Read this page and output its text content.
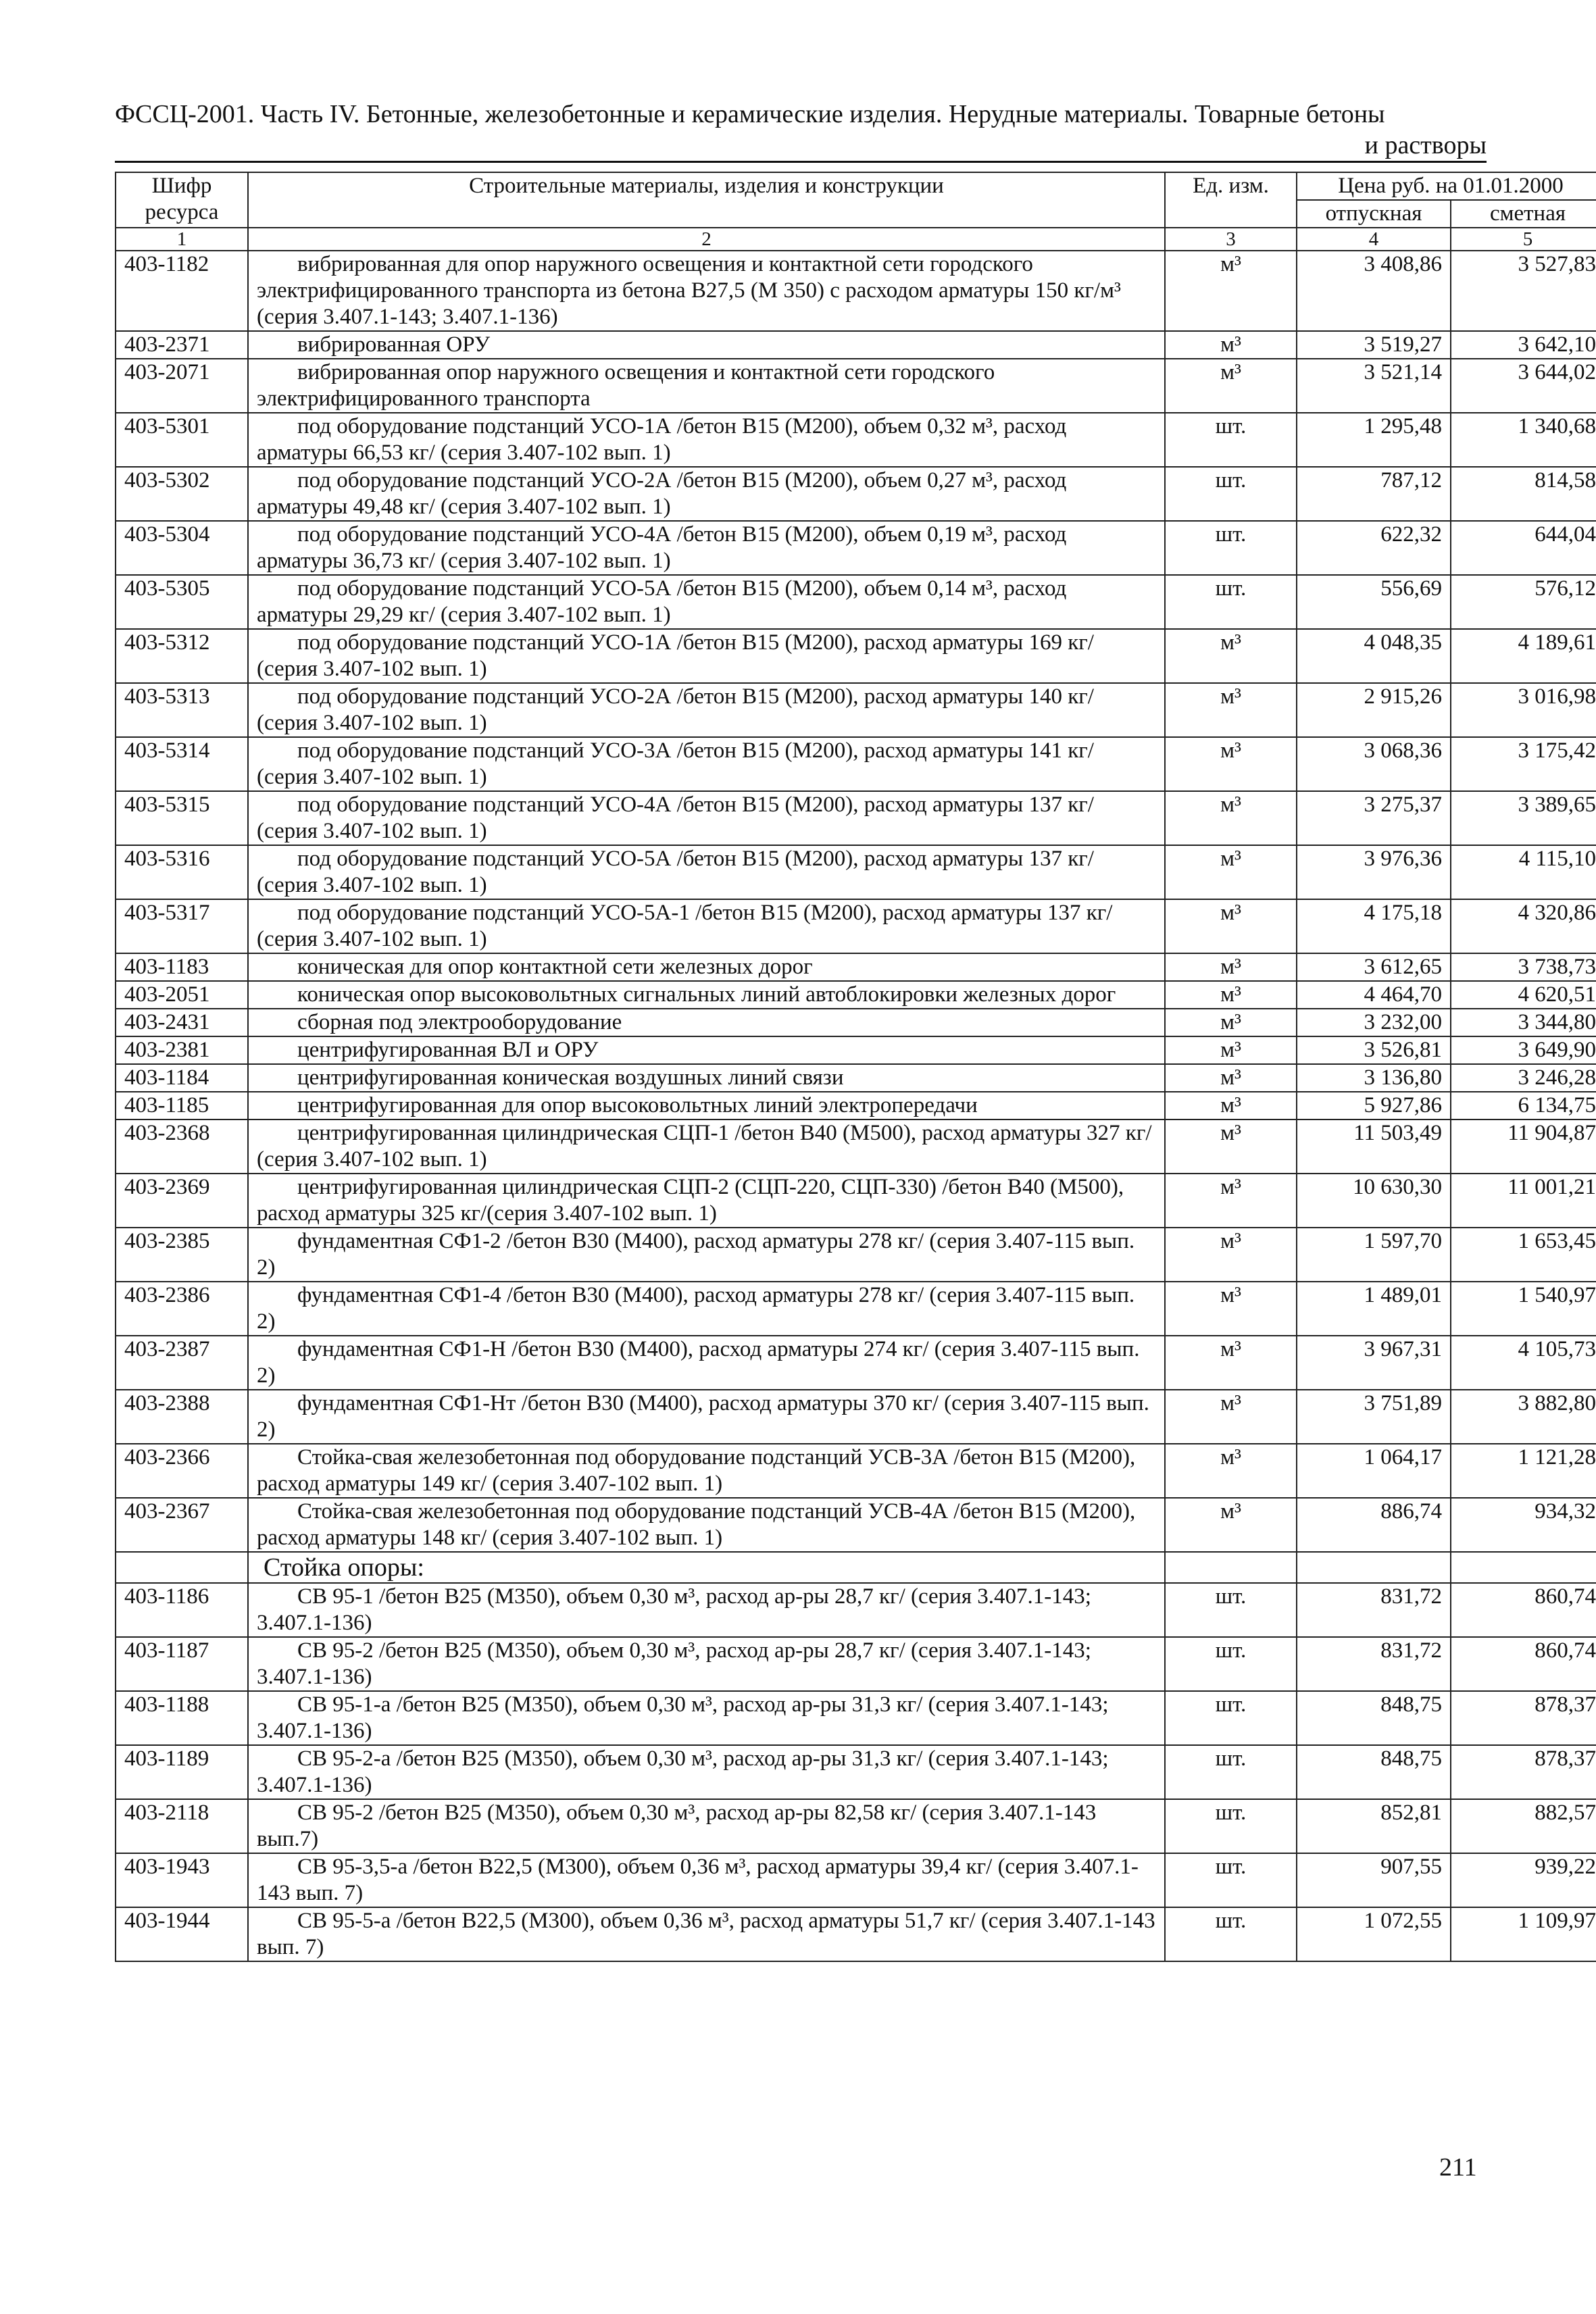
ФССЦ-2001. Часть IV. Бетонные, железобетонные и керамические изделия. Нерудные материалы. Товарные бетоны
и растворы
Шифр ресурса	Строительные материалы, изделия и конструкции	Ед. изм.	Цена руб. на 01.01.2000	
			отпускная	сметная
1	2	3	4	5
403-1182	вибрированная для опор наружного освещения и контактной сети городского электрифицированного транспорта из бетона В27,5 (М 350) с расходом арматуры 150 кг/м³ (серия 3.407.1-143; 3.407.1-136)	м³	3 408,86	3 527,83
403-2371	вибрированная ОРУ	м³	3 519,27	3 642,10
403-2071	вибрированная опор наружного освещения и контактной сети городского электрифицированного транспорта	м³	3 521,14	3 644,02
403-5301	под оборудование подстанций УСО-1А /бетон В15 (М200), объем 0,32 м³, расход арматуры 66,53 кг/ (серия 3.407-102 вып. 1)	шт.	1 295,48	1 340,68
403-5302	под оборудование подстанций УСО-2А /бетон В15 (М200), объем 0,27 м³, расход арматуры 49,48 кг/ (серия 3.407-102 вып. 1)	шт.	787,12	814,58
403-5304	под оборудование подстанций УСО-4А /бетон В15 (М200), объем 0,19 м³, расход арматуры 36,73 кг/ (серия 3.407-102 вып. 1)	шт.	622,32	644,04
403-5305	под оборудование подстанций УСО-5А /бетон В15 (М200), объем 0,14 м³, расход арматуры 29,29 кг/ (серия 3.407-102 вып. 1)	шт.	556,69	576,12
403-5312	под оборудование подстанций УСО-1А /бетон В15 (М200), расход арматуры 169 кг/ (серия 3.407-102 вып. 1)	м³	4 048,35	4 189,61
403-5313	под оборудование подстанций УСО-2А /бетон В15 (М200), расход арматуры 140 кг/ (серия 3.407-102 вып. 1)	м³	2 915,26	3 016,98
403-5314	под оборудование подстанций УСО-3А /бетон В15 (М200), расход арматуры 141 кг/ (серия 3.407-102 вып. 1)	м³	3 068,36	3 175,42
403-5315	под оборудование подстанций УСО-4А /бетон В15 (М200), расход арматуры 137 кг/ (серия 3.407-102 вып. 1)	м³	3 275,37	3 389,65
403-5316	под оборудование подстанций УСО-5А /бетон В15 (М200), расход арматуры 137 кг/ (серия 3.407-102 вып. 1)	м³	3 976,36	4 115,10
403-5317	под оборудование подстанций УСО-5А-1 /бетон В15 (М200), расход арматуры 137 кг/ (серия 3.407-102 вып. 1)	м³	4 175,18	4 320,86
403-1183	коническая для опор контактной сети железных дорог	м³	3 612,65	3 738,73
403-2051	коническая опор высоковольтных сигнальных линий автоблокировки железных дорог	м³	4 464,70	4 620,51
403-2431	сборная под электрооборудование	м³	3 232,00	3 344,80
403-2381	центрифугированная ВЛ и ОРУ	м³	3 526,81	3 649,90
403-1184	центрифугированная коническая воздушных линий связи	м³	3 136,80	3 246,28
403-1185	центрифугированная для опор высоковольтных линий электропередачи	м³	5 927,86	6 134,75
403-2368	центрифугированная цилиндрическая СЦП-1 /бетон В40 (М500), расход арматуры 327 кг/ (серия 3.407-102 вып. 1)	м³	11 503,49	11 904,87
403-2369	центрифугированная цилиндрическая СЦП-2 (СЦП-220, СЦП-330) /бетон В40 (М500), расход арматуры 325 кг/(серия 3.407-102 вып. 1)	м³	10 630,30	11 001,21
403-2385	фундаментная СФ1-2 /бетон В30 (М400), расход арматуры 278 кг/ (серия 3.407-115 вып. 2)	м³	1 597,70	1 653,45
403-2386	фундаментная СФ1-4 /бетон В30 (М400), расход арматуры 278 кг/ (серия 3.407-115 вып. 2)	м³	1 489,01	1 540,97
403-2387	фундаментная СФ1-Н /бетон В30 (М400), расход арматуры 274 кг/ (серия 3.407-115 вып. 2)	м³	3 967,31	4 105,73
403-2388	фундаментная СФ1-Нт /бетон В30 (М400), расход арматуры 370 кг/ (серия 3.407-115 вып. 2)	м³	3 751,89	3 882,80
403-2366	Стойка-свая железобетонная под оборудование подстанций УСВ-3А /бетон В15 (М200), расход арматуры 149 кг/ (серия 3.407-102 вып. 1)	м³	1 064,17	1 121,28
403-2367	Стойка-свая железобетонная под оборудование подстанций УСВ-4А /бетон В15 (М200), расход арматуры 148 кг/ (серия 3.407-102 вып. 1)	м³	886,74	934,32

	Стойка опоры:			

403-1186	СВ 95-1 /бетон В25 (М350), объем 0,30 м³, расход ар-ры 28,7 кг/ (серия 3.407.1-143; 3.407.1-136)	шт.	831,72	860,74
403-1187	СВ 95-2 /бетон В25 (М350), объем 0,30 м³, расход ар-ры 28,7 кг/ (серия 3.407.1-143; 3.407.1-136)	шт.	831,72	860,74
403-1188	СВ 95-1-а /бетон В25 (М350), объем 0,30 м³, расход ар-ры 31,3 кг/ (серия 3.407.1-143; 3.407.1-136)	шт.	848,75	878,37
403-1189	СВ 95-2-а /бетон В25 (М350), объем 0,30 м³, расход ар-ры 31,3 кг/ (серия 3.407.1-143; 3.407.1-136)	шт.	848,75	878,37
403-2118	СВ 95-2 /бетон В25 (М350), объем 0,30 м³, расход ар-ры 82,58 кг/ (серия 3.407.1-143 вып.7)	шт.	852,81	882,57
403-1943	СВ 95-3,5-а /бетон В22,5 (М300), объем 0,36 м³, расход арматуры 39,4 кг/ (серия 3.407.1-143 вып. 7)	шт.	907,55	939,22
403-1944	СВ 95-5-а /бетон В22,5 (М300), объем 0,36 м³, расход арматуры 51,7 кг/ (серия 3.407.1-143 вып. 7)	шт.	1 072,55	1 109,97
211
